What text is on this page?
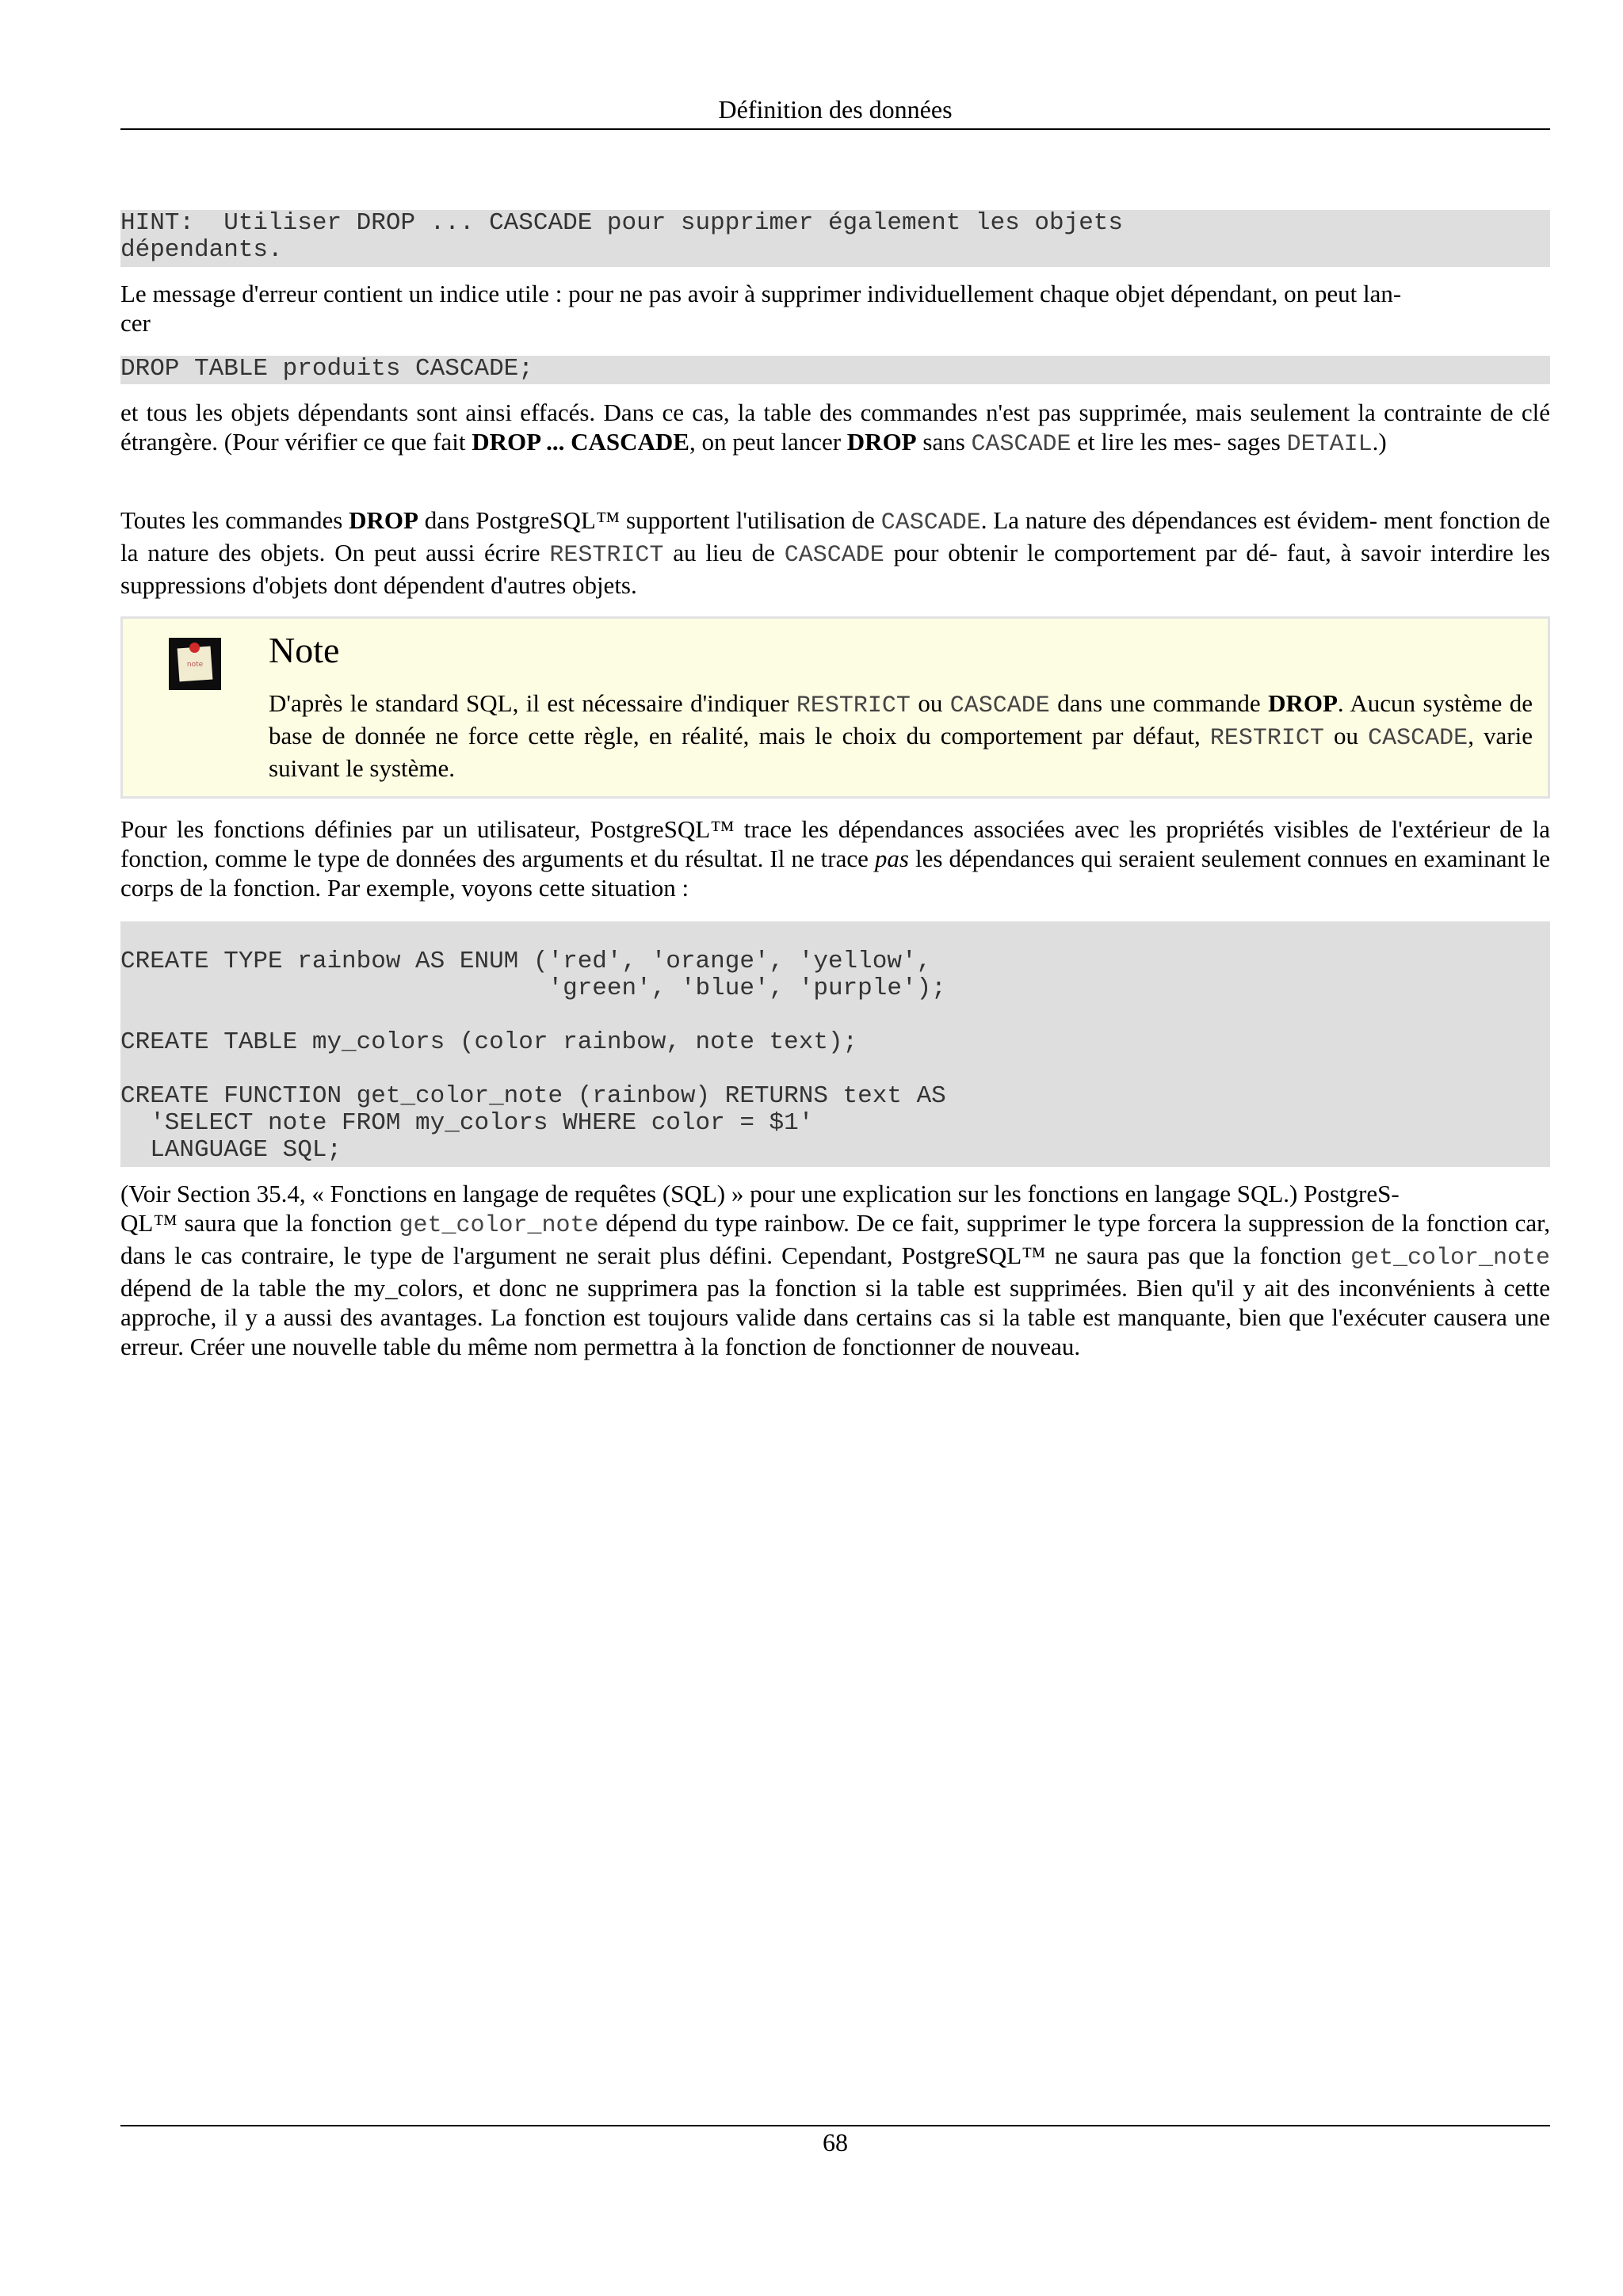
Définition des données
HINT:  Utiliser DROP ... CASCADE pour supprimer également les objets
dépendants.

Le message d'erreur contient un indice utile : pour ne pas avoir à supprimer individuellement chaque objet dépendant, on peut lan-
cer

DROP TABLE produits CASCADE;

et tous les objets dépendants sont ainsi effacés. Dans ce cas, la table des commandes n'est pas supprimée, mais seulement la contrainte de clé étrangère. (Pour vérifier ce que fait DROP ... CASCADE, on peut lancer DROP sans CASCADE et lire les mes- sages DETAIL.)

Toutes les commandes DROP dans PostgreSQL™ supportent l'utilisation de CASCADE. La nature des dépendances est évidem- ment fonction de la nature des objets. On peut aussi écrire RESTRICT au lieu de CASCADE pour obtenir le comportement par dé- faut, à savoir interdire les suppressions d'objets dont dépendent d'autres objets.

note Note

D'après le standard SQL, il est nécessaire d'indiquer RESTRICT ou CASCADE dans une commande DROP. Aucun système de base de donnée ne force cette règle, en réalité, mais le choix du comportement par défaut, RESTRICT ou CASCADE, varie suivant le système.

Pour les fonctions définies par un utilisateur, PostgreSQL™ trace les dépendances associées avec les propriétés visibles de l'extérieur de la fonction, comme le type de données des arguments et du résultat. Il ne trace pas les dépendances qui seraient seulement connues en examinant le corps de la fonction. Par exemple, voyons cette situation :

CREATE TYPE rainbow AS ENUM ('red', 'orange', 'yellow',
'green', 'blue', 'purple');

CREATE TABLE my_colors (color rainbow, note text);

CREATE FUNCTION get_color_note (rainbow) RETURNS text AS
'SELECT note FROM my_colors WHERE color = $1'
LANGUAGE SQL;

(Voir Section 35.4, « Fonctions en langage de requêtes (SQL) » pour une explication sur les fonctions en langage SQL.) PostgreS-
QL™ saura que la fonction get_color_note dépend du type rainbow. De ce fait, supprimer le type forcera la suppression de la fonction car, dans le cas contraire, le type de l'argument ne serait plus défini. Cependant, PostgreSQL™ ne saura pas que la fonction get_color_note dépend de la table the my_colors, et donc ne supprimera pas la fonction si la table est supprimées. Bien qu'il y ait des inconvénients à cette approche, il y a aussi des avantages. La fonction est toujours valide dans certains cas si la table est manquante, bien que l'exécuter causera une erreur. Créer une nouvelle table du même nom permettra à la fonction de fonctionner de nouveau.

68
